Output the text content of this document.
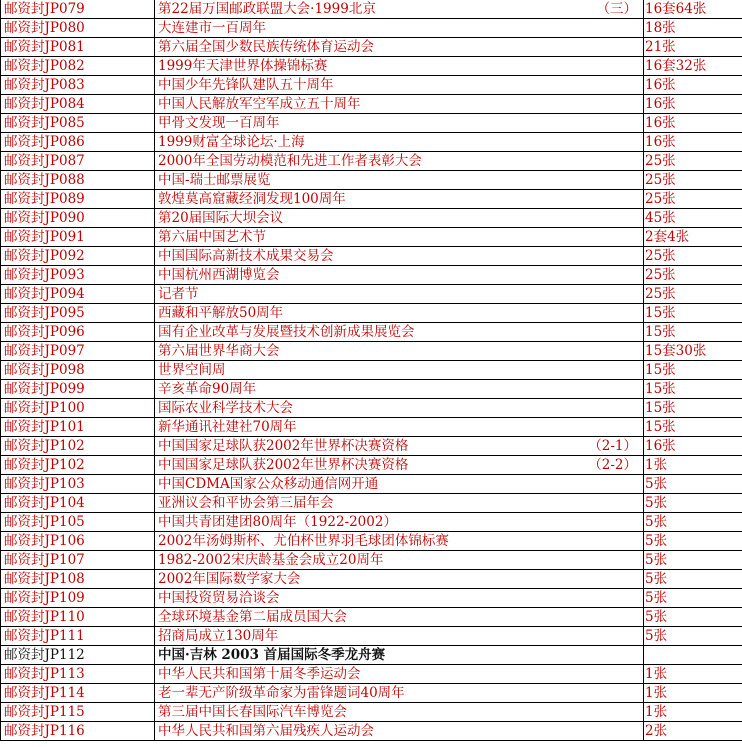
邮资封JP079	第22届万国邮政联盟大会·1999北京 （三）	16套64张
邮资封JP080	大连建市一百周年	18张
邮资封JP081	第六届全国少数民族传统体育运动会	21张
邮资封JP082	1999年天津世界体操锦标赛	16套32张
邮资封JP083	中国少年先锋队建队五十周年	16张
邮资封JP084	中国人民解放军空军成立五十周年	16张
邮资封JP085	甲骨文发现一百周年	16张
邮资封JP086	1999财富全球论坛·上海	16张
邮资封JP087	2000年全国劳动模范和先进工作者表彰大会	25张
邮资封JP088	中国-瑞士邮票展览	25张
邮资封JP089	敦煌莫高窟藏经洞发现100周年	25张
邮资封JP090	第20届国际大坝会议	45张
邮资封JP091	第六届中国艺术节	2套4张
邮资封JP092	中国国际高新技术成果交易会	25张
邮资封JP093	中国杭州西湖博览会	25张
邮资封JP094	记者节	25张
邮资封JP095	西藏和平解放50周年	15张
邮资封JP096	国有企业改革与发展暨技术创新成果展览会	15张
邮资封JP097	第六届世界华商大会	15套30张
邮资封JP098	世界空间周	15张
邮资封JP099	辛亥革命90周年	15张
邮资封JP100	国际农业科学技术大会	15张
邮资封JP101	新华通讯社建社70周年	15张
邮资封JP102	中国国家足球队获2002年世界杯决赛资格 （2-1）	16张
邮资封JP102	中国国家足球队获2002年世界杯决赛资格 （2-2）	1张
邮资封JP103	中国CDMA国家公众移动通信网开通	5张
邮资封JP104	亚洲议会和平协会第三届年会	5张
邮资封JP105	中国共青团建团80周年（1922-2002）	5张
邮资封JP106	2002年汤姆斯杯、尤伯杯世界羽毛球团体锦标赛	5张
邮资封JP107	1982-2002宋庆龄基金会成立20周年	5张
邮资封JP108	2002年国际数学家大会	5张
邮资封JP109	中国投资贸易洽谈会	5张
邮资封JP110	全球环境基金第二届成员国大会	5张
邮资封JP111	招商局成立130周年	5张
邮资封JP112	中国·吉林 2003 首届国际冬季龙舟赛	
邮资封JP113	中华人民共和国第十届冬季运动会	1张
邮资封JP114	老一辈无产阶级革命家为雷锋题词40周年	1张
邮资封JP115	第三届中国长春国际汽车博览会	1张
邮资封JP116	中华人民共和国第六届残疾人运动会	2张
